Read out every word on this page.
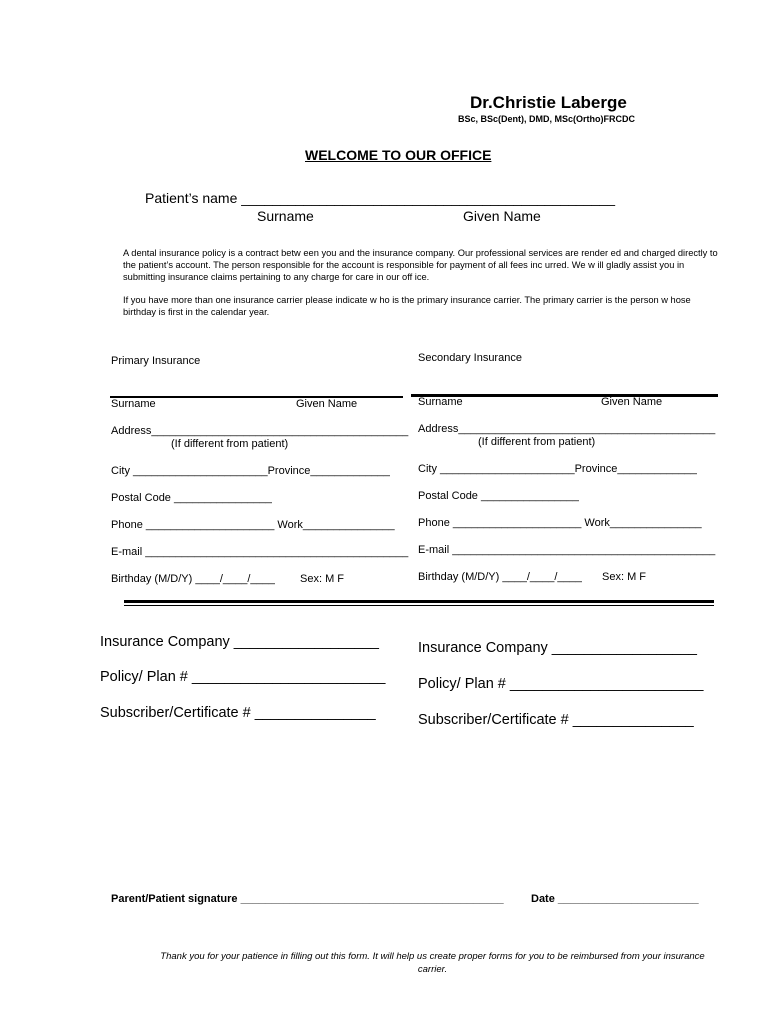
Dr.Christie Laberge
BSc, BSc(Dent), DMD, MSc(Ortho)FRCDC
WELCOME TO OUR OFFICE
Patient’s name ________________________________________________
Surname	Given Name
A dental insurance policy is a contract betw een you and the insurance company. Our professional services are render ed and charged directly to the patient’s account. The person responsible for the account is responsible for payment of all fees inc urred. We w ill gladly assist you in submitting insurance claims pertaining to any charge for care in our off ice.
If you have more than one insurance carrier please indicate w ho is the primary insurance carrier. The primary carrier is the person w hose birthday is first in the calendar year.
Primary Insurance
Surname	Given Name
Address__________________________________________
(If different from patient)
City ______________________Province_____________
Postal Code ________________
Phone _____________________ Work_______________
E-mail ___________________________________________
Birthday (M/D/Y) ____/____/____ Sex: M F
Secondary Insurance
Surname	Given Name
Address__________________________________________
(If different from patient)
City ______________________Province_____________
Postal Code ________________
Phone _____________________ Work_______________
E-mail ___________________________________________
Birthday (M/D/Y) ____/____/____ Sex: M F
Insurance Company __________________
Policy/ Plan # ________________________
Subscriber/Certificate # _______________
Insurance Company __________________
Policy/ Plan # ________________________
Subscriber/Certificate # _______________
Parent/Patient signature ___________________________________________ Date _______________________
Thank you for your patience in filling out this form. It will help us create proper forms for you to be reimbursed from your insurance carrier.
